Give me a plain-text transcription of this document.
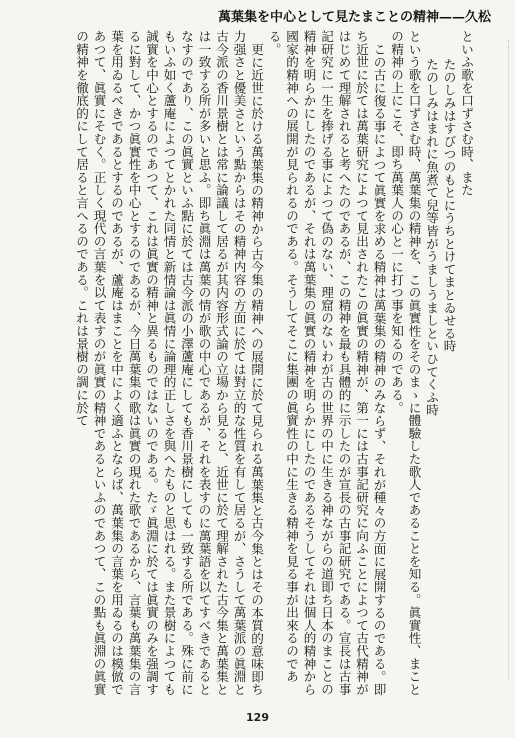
萬葉集を中心として見たまことの精神——久松

といふ歌を口ずさむ時、また

たのしみはすびつのもとにうちとけてまとゐせる時

たのしみはまれに魚煮て兒等皆がうましうましといひてくふ時

という歌を口ずさむ時、萬葉集の精神を、この眞實性をそのまゝに體驗した歌人であることを知る。眞實性、まことの精神の上にこそ、即ち萬葉人の心と一に打つ事を知るのである。

この古に復る事によつて眞實を求める精神は萬葉集の精神のみならず、それが種々の方面に展開するのである。即ち近世に於ては萬葉研究によつて見出されたこの眞實の精神が、第一には古事記研究に向ふことによつて古代精神がはじめて理解されると考へたのであるが、この精神を最も具體的に示したのが宣長の古事記研究である。宣長は古事記研究に一生を捧げる事によつて偽のない、理窟のないわが古の世界の中に生きる神ながらの道即ち日本のまことの精神を明らかにしたのであるが、それは萬葉集の眞實の精神を明らかにしたのであるそうしてそれは個人的精神から國家的精神への展開が見られるのである。そうしてそこに集團の眞實性の中に生きる精神を見る事が出來るのである。

更に近世に於ける萬葉集の精神から古今集の精神への展開に於て見られる萬葉集と古今集とはその本質的意味即ち力强さと優美さという點からはその精神内容の方面に於ては對立的な性質を有して居るが、さうして萬葉派の眞淵と古今派の香川景樹とは常に論議して居るが其内容形式論の立場から見ると、近世に於て理解された古今集と萬葉集とは一致する所が多いと思ふ。即ち眞淵は萬葉の情が歌の中心であるが、それを表すのに萬葉語を以てすべきであるとなすのであり、この眞實といふ點に於ては古今派の小澤蘆庵にしても香川景樹にしても一致する所である。殊に前にもいふ如く蘆庵によつてとかれた同情と新情論は眞情に論理的正しさを與へたものと思はれる。また景樹によつても誠實を中心とするのであつて、これは眞實の精神と異るものではないのである。たゞ眞淵に於ては眞實のみを强調するに對して、かつ眞實性を中心とするのであるが、今日萬葉集の歌は眞實の現れた歌であるから、言葉も萬葉集の言葉を用ゐるべきであるとするのであるが、蘆庵はまことを中によく適ふとならば、萬葉集の言葉を用ゐるのは模倣であつて、眞實にそむく。正しく現代の言葉を以て表すのが眞實の精神であるといふのであつて、この點も眞淵の眞實の精神を徹底的にして居ると言へるのである。これは景樹の調に於て

129
